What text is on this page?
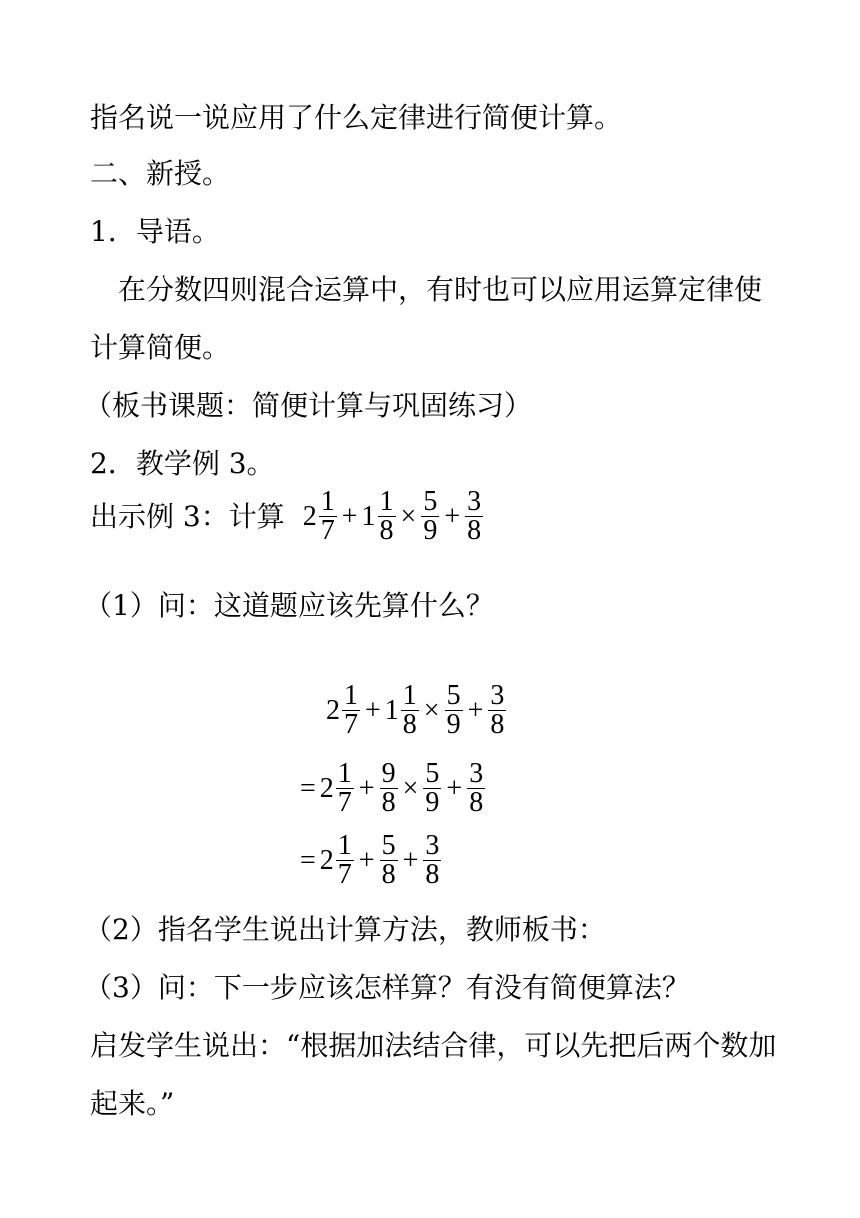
指名说一说应用了什么定律进行简便计算。
二、新授。
1．导语。
在分数四则混合运算中，有时也可以应用运算定律使
计算简便。
（板书课题：简便计算与巩固练习）
2．教学例 3。
出示例 3：计算 $2 \frac{1}{7} + 1 \frac{1}{8} \times \frac{5}{9} + \frac{3}{8}$
（1）问：这道题应该先算什么？
$2 \frac{1}{7} + 1 \frac{1}{8} \times \frac{5}{9} + \frac{3}{8}$
= $2 \frac{1}{7} + \frac{9}{8} \times \frac{5}{9} + \frac{3}{8}$
= $2 \frac{1}{7} + \frac{5}{8} + \frac{3}{8}$
（2）指名学生说出计算方法，教师板书：
（3）问：下一步应该怎样算？有没有简便算法？
启发学生说出：“根据加法结合律，可以先把后两个数加
起来。”
